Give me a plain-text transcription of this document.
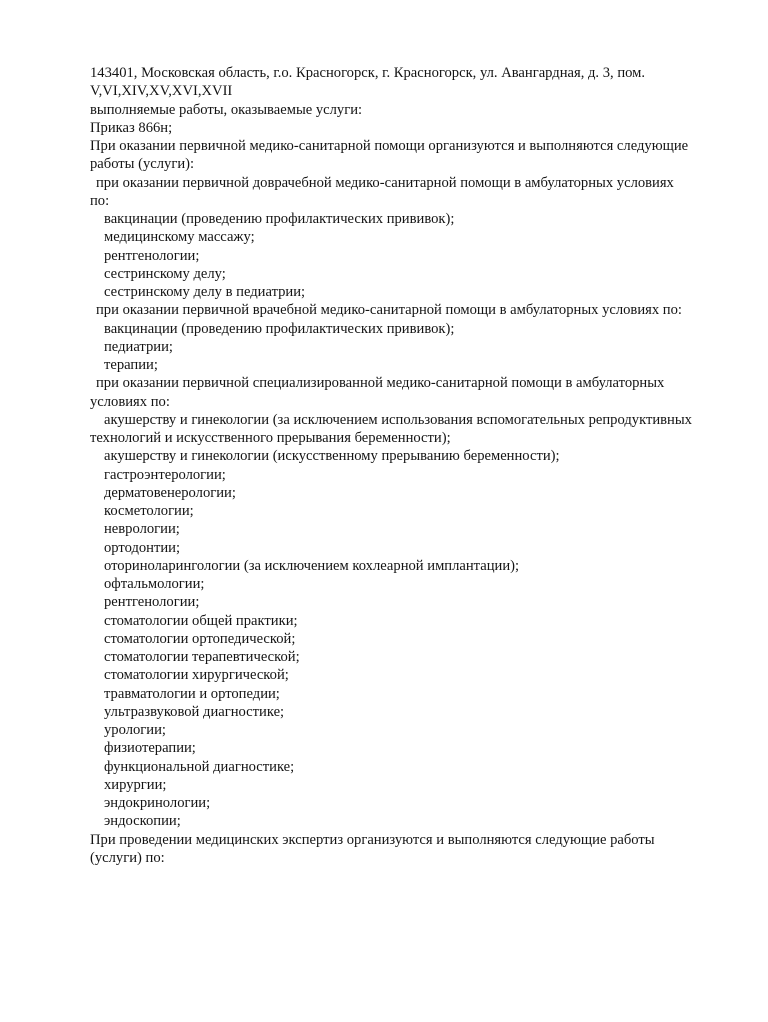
143401, Московская область, г.о. Красногорск, г. Красногорск, ул. Авангардная, д. 3, пом.
V,VI,XIV,XV,XVI,XVII
выполняемые работы, оказываемые услуги:
Приказ 866н;
При оказании первичной медико-санитарной помощи организуются и выполняются следующие
работы (услуги):
при оказании первичной доврачебной медико-санитарной помощи в амбулаторных условиях
по:
вакцинации (проведению профилактических прививок);
медицинскому массажу;
рентгенологии;
сестринскому делу;
сестринскому делу в педиатрии;
при оказании первичной врачебной медико-санитарной помощи в амбулаторных условиях по:
вакцинации (проведению профилактических прививок);
педиатрии;
терапии;
при оказании первичной специализированной медико-санитарной помощи в амбулаторных
условиях по:
акушерству и гинекологии (за исключением использования вспомогательных репродуктивных
технологий и искусственного прерывания беременности);
акушерству и гинекологии (искусственному прерыванию беременности);
гастроэнтерологии;
дерматовенерологии;
косметологии;
неврологии;
ортодонтии;
оториноларингологии (за исключением кохлеарной имплантации);
офтальмологии;
рентгенологии;
стоматологии общей практики;
стоматологии ортопедической;
стоматологии терапевтической;
стоматологии хирургической;
травматологии и ортопедии;
ультразвуковой диагностике;
урологии;
физиотерапии;
функциональной диагностике;
хирургии;
эндокринологии;
эндоскопии;
При проведении медицинских экспертиз организуются и выполняются следующие работы
(услуги) по:
